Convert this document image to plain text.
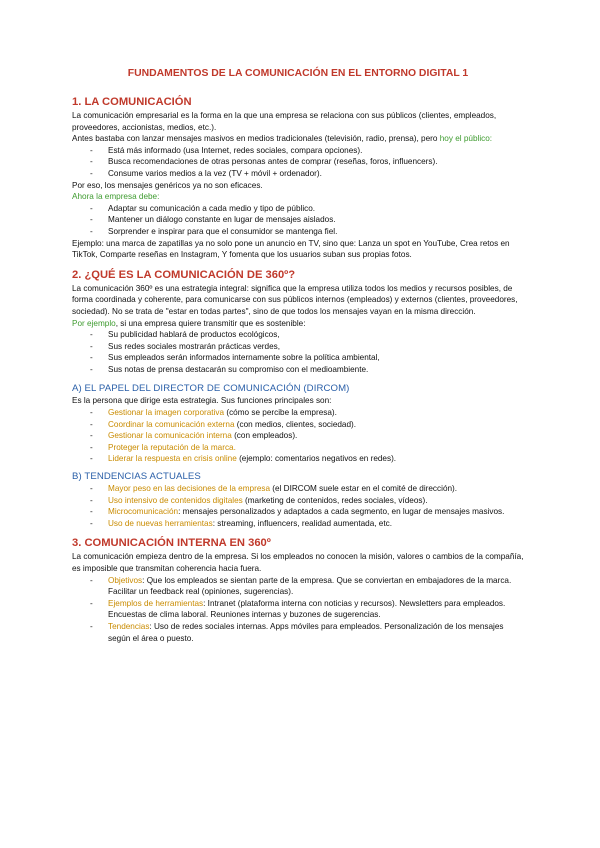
FUNDAMENTOS DE LA COMUNICACIÓN EN EL ENTORNO DIGITAL 1
1. LA COMUNICACIÓN

La comunicación empresarial es la forma en la que una empresa se relaciona con sus públicos (clientes, empleados, proveedores, accionistas, medios, etc.).

Antes bastaba con lanzar mensajes masivos en medios tradicionales (televisión, radio, prensa), pero hoy el público:

- Está más informado (usa Internet, redes sociales, compara opciones).
- Busca recomendaciones de otras personas antes de comprar (reseñas, foros, influencers).
- Consume varios medios a la vez (TV + móvil + ordenador).

Por eso, los mensajes genéricos ya no son eficaces.

Ahora la empresa debe:

- Adaptar su comunicación a cada medio y tipo de público.
- Mantener un diálogo constante en lugar de mensajes aislados.
- Sorprender e inspirar para que el consumidor se mantenga fiel.

Ejemplo: una marca de zapatillas ya no solo pone un anuncio en TV, sino que: Lanza un spot en YouTube, Crea retos en TikTok, Comparte reseñas en Instagram, Y fomenta que los usuarios suban sus propias fotos.

2. ¿QUÉ ES LA COMUNICACIÓN DE 360º?

La comunicación 360º es una estrategia integral: significa que la empresa utiliza todos los medios y recursos posibles, de forma coordinada y coherente, para comunicarse con sus públicos internos (empleados) y externos (clientes, proveedores, sociedad). No se trata de "estar en todas partes", sino de que todos los mensajes vayan en la misma dirección.

Por ejemplo, si una empresa quiere transmitir que es sostenible:

- Su publicidad hablará de productos ecológicos,
- Sus redes sociales mostrarán prácticas verdes,
- Sus empleados serán informados internamente sobre la política ambiental,
- Sus notas de prensa destacarán su compromiso con el medioambiente.
A) EL PAPEL DEL DIRECTOR DE COMUNICACIÓN (DIRCOM)

Es la persona que dirige esta estrategia. Sus funciones principales son:

- Gestionar la imagen corporativa (cómo se percibe la empresa).
- Coordinar la comunicación externa (con medios, clientes, sociedad).
- Gestionar la comunicación interna (con empleados).
- Proteger la reputación de la marca.
- Liderar la respuesta en crisis online (ejemplo: comentarios negativos en redes).
B) TENDENCIAS ACTUALES
- Mayor peso en las decisiones de la empresa (el DIRCOM suele estar en el comité de dirección).
- Uso intensivo de contenidos digitales (marketing de contenidos, redes sociales, vídeos).
- Microcomunicación: mensajes personalizados y adaptados a cada segmento, en lugar de mensajes masivos.
- Uso de nuevas herramientas: streaming, influencers, realidad aumentada, etc.
3. COMUNICACIÓN INTERNA EN 360º

La comunicación empieza dentro de la empresa. Si los empleados no conocen la misión, valores o cambios de la compañía, es imposible que transmitan coherencia hacia fuera.

- Objetivos: Que los empleados se sientan parte de la empresa. Que se conviertan en embajadores de la marca. Facilitar un feedback real (opiniones, sugerencias).
- Ejemplos de herramientas: Intranet (plataforma interna con noticias y recursos). Newsletters para empleados. Encuestas de clima laboral. Reuniones internas y buzones de sugerencias.
- Tendencias: Uso de redes sociales internas. Apps móviles para empleados. Personalización de los mensajes según el área o puesto.
